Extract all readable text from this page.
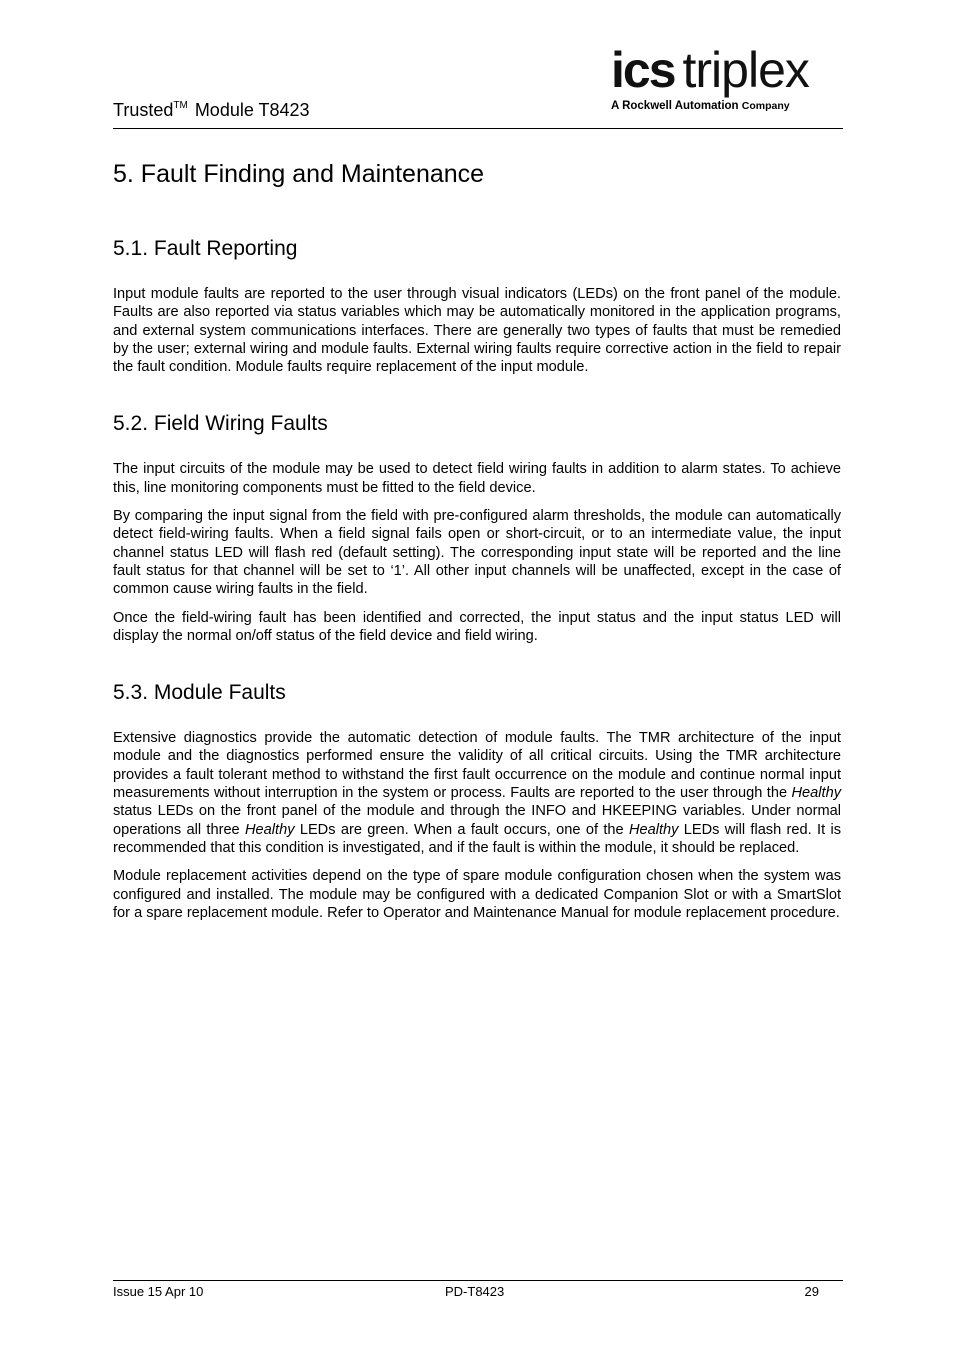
Trusted™ Module T8423
ics triplex
A Rockwell Automation Company
5. Fault Finding and Maintenance
5.1. Fault Reporting

Input module faults are reported to the user through visual indicators (LEDs) on the front panel of the module. Faults are also reported via status variables which may be automatically monitored in the application programs, and external system communications interfaces. There are generally two types of faults that must be remedied by the user; external wiring and module faults. External wiring faults require corrective action in the field to repair the fault condition. Module faults require replacement of the input module.

5.2. Field Wiring Faults

The input circuits of the module may be used to detect field wiring faults in addition to alarm states. To achieve this, line monitoring components must be fitted to the field device.

By comparing the input signal from the field with pre-configured alarm thresholds, the module can automatically detect field-wiring faults. When a field signal fails open or short-circuit, or to an intermediate value, the input channel status LED will flash red (default setting). The corresponding input state will be reported and the line fault status for that channel will be set to ‘1’. All other input channels will be unaffected, except in the case of common cause wiring faults in the field.

Once the field-wiring fault has been identified and corrected, the input status and the input status LED will display the normal on/off status of the field device and field wiring.

5.3. Module Faults

Extensive diagnostics provide the automatic detection of module faults. The TMR architecture of the input module and the diagnostics performed ensure the validity of all critical circuits. Using the TMR architecture provides a fault tolerant method to withstand the first fault occurrence on the module and continue normal input measurements without interruption in the system or process. Faults are reported to the user through the Healthy status LEDs on the front panel of the module and through the INFO and HKEEPING variables. Under normal operations all three Healthy LEDs are green. When a fault occurs, one of the Healthy LEDs will flash red. It is recommended that this condition is investigated, and if the fault is within the module, it should be replaced.

Module replacement activities depend on the type of spare module configuration chosen when the system was configured and installed. The module may be configured with a dedicated Companion Slot or with a SmartSlot for a spare replacement module. Refer to Operator and Maintenance Manual for module replacement procedure.

Issue 15 Apr 10	PD-T8423	29
